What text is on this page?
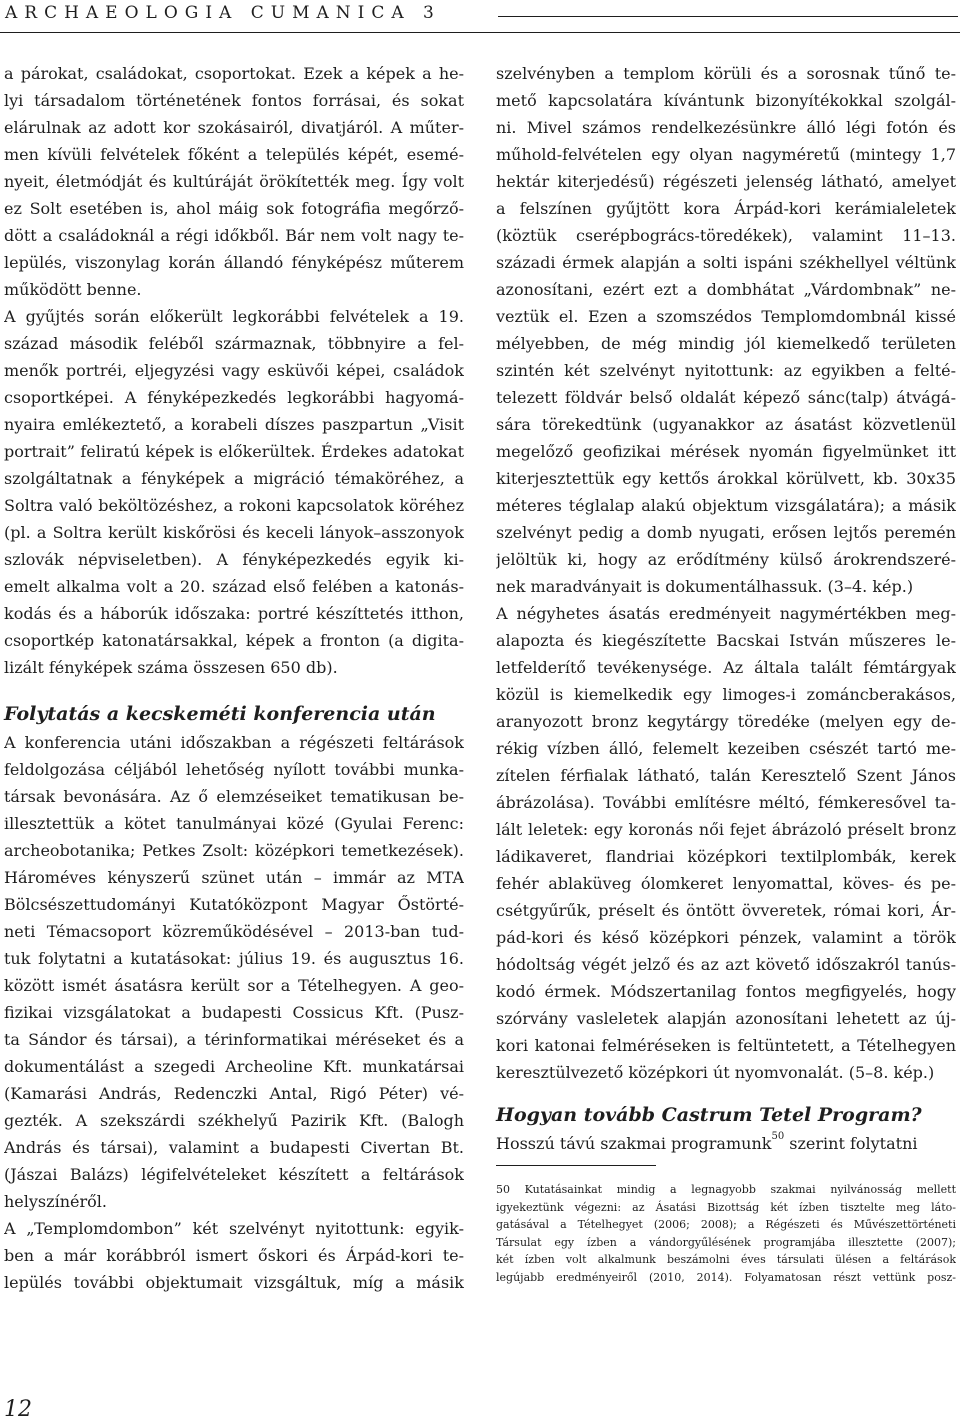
ARCHAEOLOGIA CUMANICA 3
a párokat, családokat, csoportokat. Ezek a képek a he-
lyi társadalom történetének fontos forrásai, és sokat
elárulnak az adott kor szokásairól, divatjáról. A műter-
men kívüli felvételek főként a település képét, esemé-
nyeit, életmódját és kultúráját örökítették meg. Így volt
ez Solt esetében is, ahol máig sok fotográfia megőrző-
dött a családoknál a régi időkből. Bár nem volt nagy te-
lepülés, viszonylag korán állandó fényképész műterem
működött benne.
A gyűjtés során előkerült legkorábbi felvételek a 19.
század második feléből származnak, többnyire a fel-
menők portréi, eljegyzési vagy esküvői képei, családok
csoportképei. A fényképezkedés legkorábbi hagyomá-
nyaira emlékeztető, a korabeli díszes paszpartun „Visit
portrait” feliratú képek is előkerültek. Érdekes adatokat
szolgáltatnak a fényképek a migráció témaköréhez, a
Soltra való beköltözéshez, a rokoni kapcsolatok köréhez
(pl. a Soltra került kiskőrösi és keceli lányok–asszonyok
szlovák népviseletben). A fényképezkedés egyik ki-
emelt alkalma volt a 20. század első felében a katonás-
kodás és a háborúk időszaka: portré készíttetés itthon,
csoportkép katonatársakkal, képek a fronton (a digita-
lizált fényképek száma összesen 650 db).
Folytatás a kecskeméti konferencia után
A konferencia utáni időszakban a régészeti feltárások
feldolgozása céljából lehetőség nyílott további munka-
társak bevonására. Az ő elemzéseiket tematikusan be-
illesztettük a kötet tanulmányai közé (Gyulai Ferenc:
archeobotanika; Petkes Zsolt: középkori temetkezések).
Hároméves kényszerű szünet után – immár az MTA
Bölcsészettudományi Kutatóközpont Magyar Őstörté-
neti Témacsoport közreműködésével – 2013-ban tud-
tuk folytatni a kutatásokat: július 19. és augusztus 16.
között ismét ásatásra került sor a Tételhegyen. A geo-
fizikai vizsgálatokat a budapesti Cossicus Kft. (Pusz-
ta Sándor és társai), a térinformatikai méréseket és a
dokumentálást a szegedi Archeoline Kft. munkatársai
(Kamarási András, Redenczki Antal, Rigó Péter) vé-
gezték. A szekszárdi székhelyű Pazirik Kft. (Balogh
András és társai), valamint a budapesti Civertan Bt.
(Jászai Balázs) légifelvételeket készített a feltárások
helyszínéről.
A „Templomdombon” két szelvényt nyitottunk: egyik-
ben a már korábbról ismert őskori és Árpád-kori te-
lepülés további objektumait vizsgáltuk, míg a másik
szelvényben a templom körüli és a sorosnak tűnő te-
mető kapcsolatára kívántunk bizonyítékokkal szolgál-
ni. Mivel számos rendelkezésünkre álló légi fotón és
műhold-felvételen egy olyan nagyméretű (mintegy 1,7
hektár kiterjedésű) régészeti jelenség látható, amelyet
a felszínen gyűjtött kora Árpád-kori kerámialeletek
(köztük cserépbogrács-töredékek), valamint 11–13.
századi érmek alapján a solti ispáni székhellyel véltünk
azonosítani, ezért ezt a dombhátat „Várdombnak” ne-
veztük el. Ezen a szomszédos Templomdombnál kissé
mélyebben, de még mindig jól kiemelkedő területen
szintén két szelvényt nyitottunk: az egyikben a felté-
telezett földvár belső oldalát képező sánc(talp) átvágá-
sára törekedtünk (ugyanakkor az ásatást közvetlenül
megelőző geofizikai mérések nyomán figyelmünket itt
kiterjesztettük egy kettős árokkal körülvett, kb. 30x35
méteres téglalap alakú objektum vizsgálatára); a másik
szelvényt pedig a domb nyugati, erősen lejtős peremén
jelöltük ki, hogy az erődítmény külső árokrendszeré-
nek maradványait is dokumentálhassuk. (3–4. kép.)
A négyhetes ásatás eredményeit nagymértékben meg-
alapozta és kiegészítette Bacskai István műszeres le-
letfelderítő tevékenysége. Az általa talált fémtárgyak
közül is kiemelkedik egy limoges-i zománcberakásos,
aranyozott bronz kegytárgy töredéke (melyen egy de-
rékig vízben álló, felemelt kezeiben csészét tartó me-
zítelen férfialak látható, talán Keresztelő Szent János
ábrázolása). További említésre méltó, fémkeresővel ta-
lált leletek: egy koronás női fejet ábrázoló préselt bronz
ládikaveret, flandriai középkori textilplombák, kerek
fehér ablaküveg ólomkeret lenyomattal, köves- és pe-
csétgyűrűk, préselt és öntött övveretek, római kori, Ár-
pád-kori és késő középkori pénzek, valamint a török
hódoltság végét jelző és az azt követő időszakról tanús-
kodó érmek. Módszertanilag fontos megfigyelés, hogy
szórvány vasleletek alapján azonosítani lehetett az új-
kori katonai felméréseken is feltüntetett, a Tételhegyen
keresztülvezető középkori út nyomvonalát. (5–8. kép.)
Hogyan tovább Castrum Tetel Program?
Hosszú távú szakmai programunk$^{50}$ szerint folytatni
50 Kutatásainkat mindig a legnagyobb szakmai nyilvánosság mellett
igyekeztünk végezni: az Ásatási Bizottság két ízben tisztelte meg láto-
gatásával a Tételhegyet (2006; 2008); a Régészeti és Művészettörténeti
Társulat egy ízben a vándorgyűlésének programjába illesztette (2007);
két ízben volt alkalmunk beszámolni éves társulati ülésen a feltárások
legújabb eredményeiről (2010, 2014). Folyamatosan részt vettünk posz-
12
